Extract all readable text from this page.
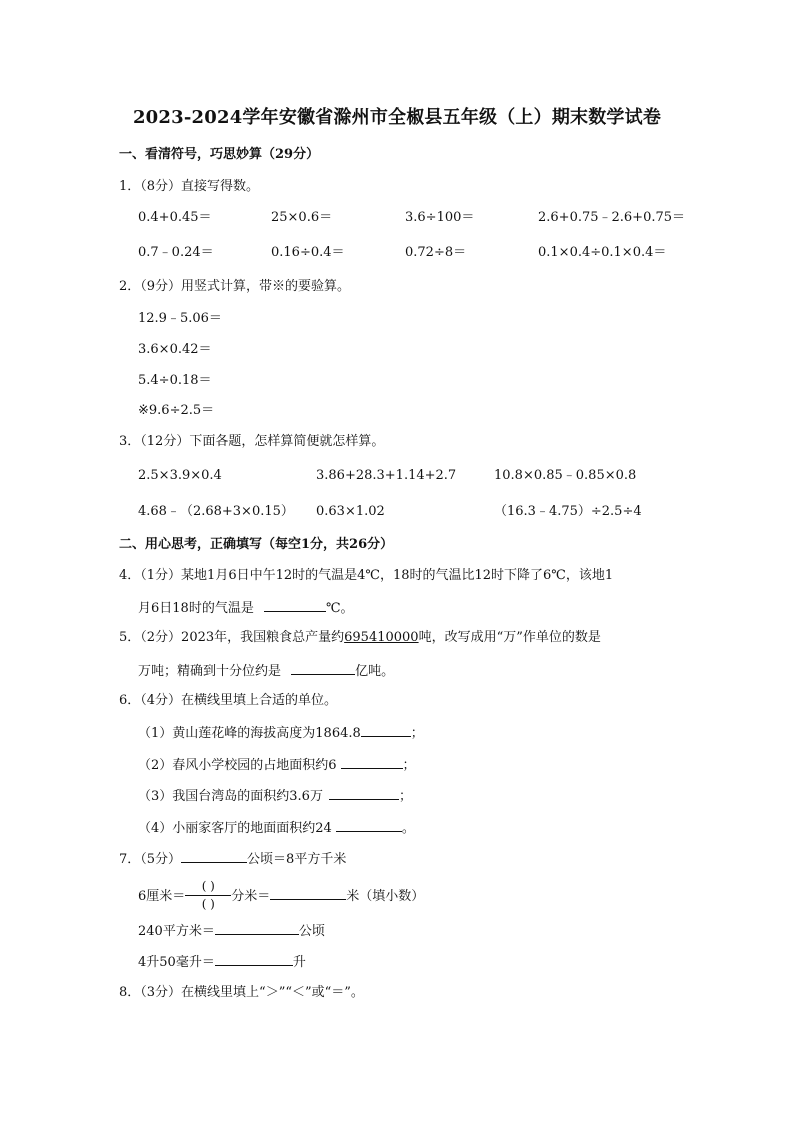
2023-2024学年安徽省滁州市全椒县五年级（上）期末数学试卷
一、看清符号，巧思妙算（29分）
1．（8分）直接写得数。
0.4+0.45＝	25×0.6＝	3.6÷100＝	2.6+0.75﹣2.6+0.75＝
0.7﹣0.24＝	0.16÷0.4＝	0.72÷8＝	0.1×0.4÷0.1×0.4＝
2．（9分）用竖式计算，带※的要验算。
12.9﹣5.06＝
3.6×0.42＝
5.4÷0.18＝
※9.6÷2.5＝
3．（12分）下面各题，怎样算简便就怎样算。
2.5×3.9×0.4	3.86+28.3+1.14+2.7	10.8×0.85﹣0.85×0.8
4.68﹣（2.68+3×0.15） 0.63×1.02	（16.3﹣4.75）÷2.5÷4
二、用心思考，正确填写（每空1分，共26分）
4．（1分）某地1月6日中午12时的气温是4℃，18时的气温比12时下降了6℃，该地1
月6日18时的气温是	℃。
5．（2分）2023年，我国粮食总产量约695410000吨，改写成用“万”作单位的数是
万吨；精确到十分位约是	亿吨。
6．（4分）在横线里填上合适的单位。
（1）黄山莲花峰的海拔高度为1864.8	；
（2）春风小学校园的占地面积约6	；
（3）我国台湾岛的面积约3.6万	；
（4）小丽家客厅的地面面积约24	。
7．（5分）	公顷＝8平方千米
6厘米＝ $\frac{( )}{( )}$ 分米＝	米（填小数）
240平方米＝	公顷
4升50毫升＝	升
8．（3分）在横线里填上“＞”“＜”或“＝”。
